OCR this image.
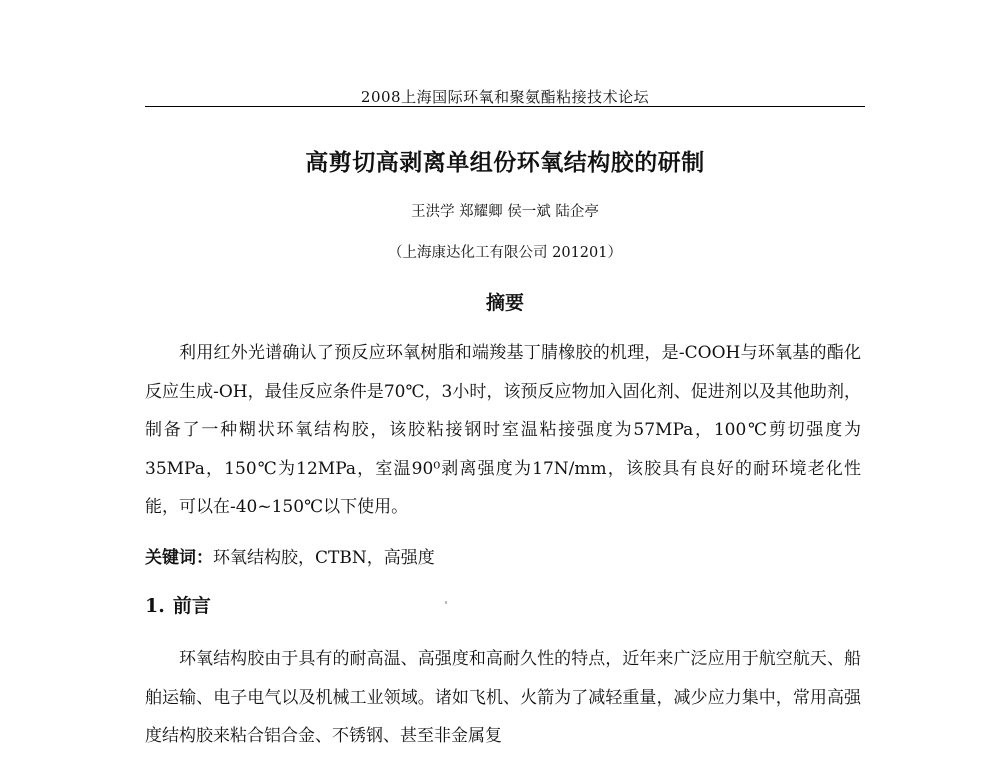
2008上海国际环氧和聚氨酯粘接技术论坛
高剪切高剥离单组份环氧结构胶的研制
王洪学 郑耀卿 侯一斌 陆企亭
（上海康达化工有限公司 201201）
摘要

利用红外光谱确认了预反应环氧树脂和端羧基丁腈橡胶的机理，是-COOH与环氧基的酯化反应生成-OH，最佳反应条件是70℃，3小时，该预反应物加入固化剂、促进剂以及其他助剂，制备了一种糊状环氧结构胶，该胶粘接钢时室温粘接强度为57MPa，100℃剪切强度为35MPa，150℃为12MPa，室温90⁰剥离强度为17N/mm，该胶具有良好的耐环境老化性能，可以在-40~150℃以下使用。

关键词：环氧结构胶，CTBN，高强度
1. 前言

环氧结构胶由于具有的耐高温、高强度和高耐久性的特点，近年来广泛应用于航空航天、船舶运输、电子电气以及机械工业领域。诸如飞机、火箭为了减轻重量，减少应力集中，常用高强度结构胶来粘合铝合金、不锈钢、甚至非金属复
